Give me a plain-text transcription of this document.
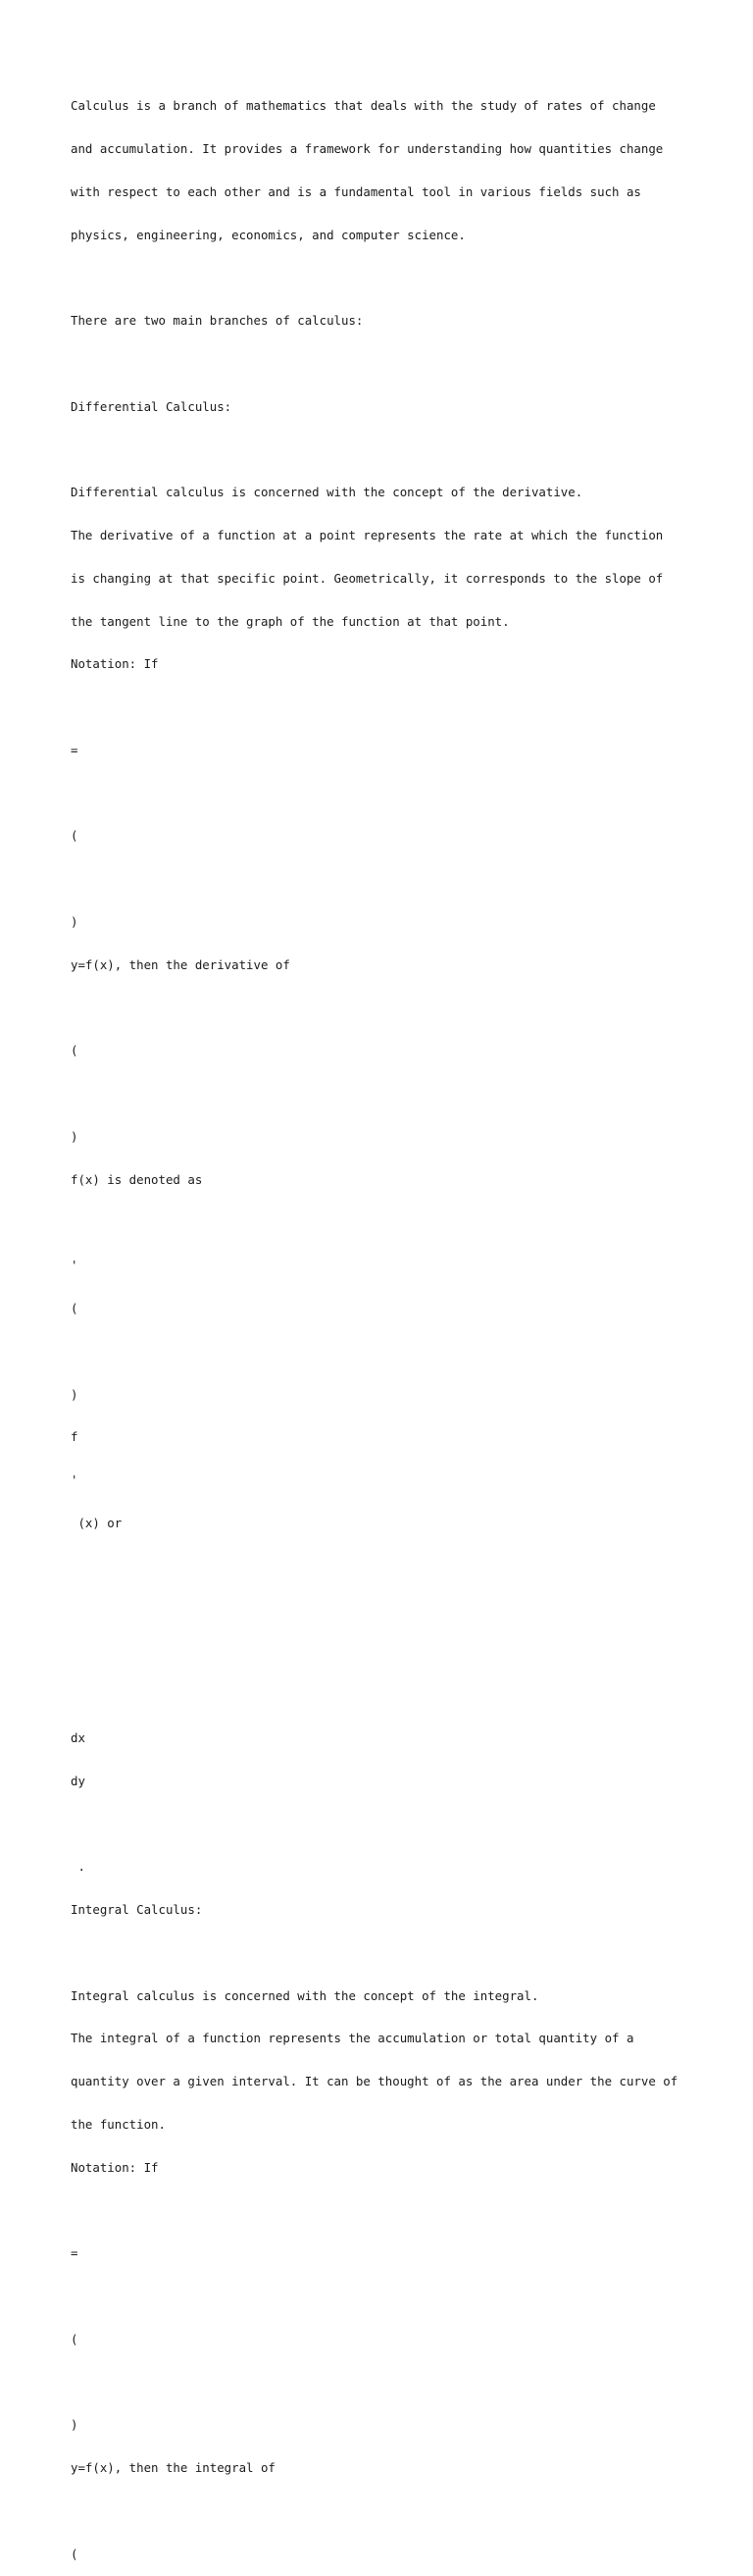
Calculus is a branch of mathematics that deals with the study of rates of change

and accumulation. It provides a framework for understanding how quantities change

with respect to each other and is a fundamental tool in various fields such as

physics, engineering, economics, and computer science.

There are two main branches of calculus:

Differential Calculus:

Differential calculus is concerned with the concept of the derivative.

The derivative of a function at a point represents the rate at which the function

is changing at that specific point. Geometrically, it corresponds to the slope of

the tangent line to the graph of the function at that point.

Notation: If

=

(

)

y=f(x), then the derivative of

(

)

f(x) is denoted as

'

(

)

f

'

(x) or

dx

dy

.

Integral Calculus:

Integral calculus is concerned with the concept of the integral.

The integral of a function represents the accumulation or total quantity of a

quantity over a given interval. It can be thought of as the area under the curve of

the function.

Notation: If

=

(

)

y=f(x), then the integral of

(
